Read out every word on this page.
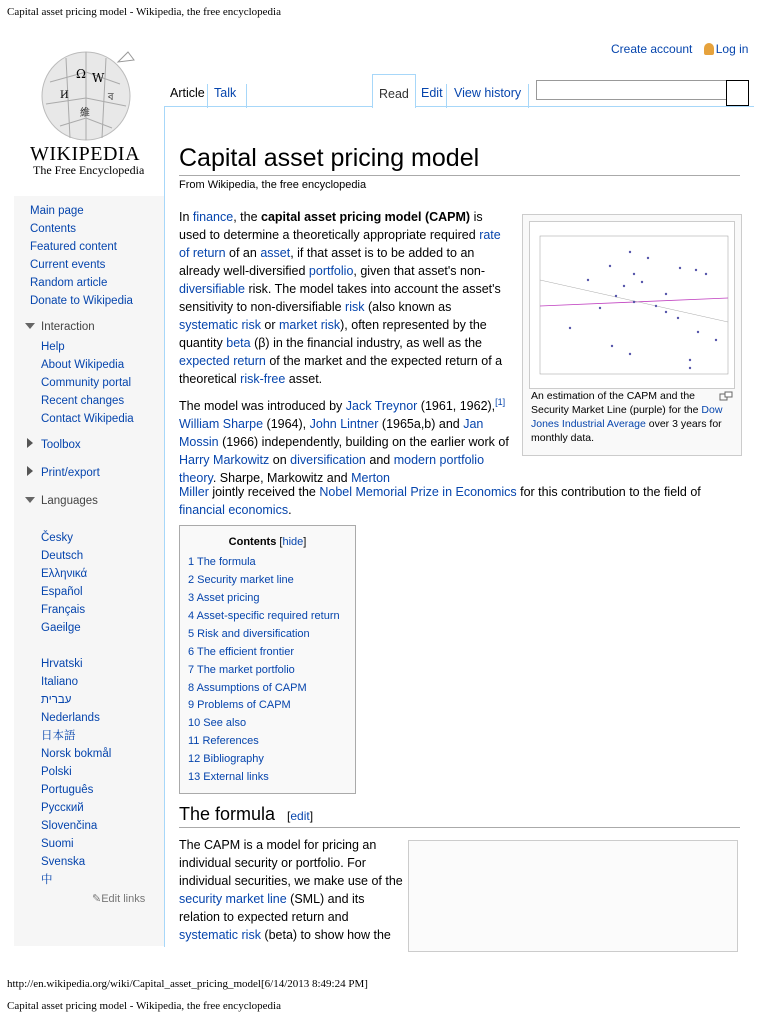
Capital asset pricing model - Wikipedia, the free encyclopedia
Ω W
И	ব
維
WIKIPEDIA
The Free Encyclopedia
Create account Log in
Article Talk	Read Edit View history
Main page
Contents
Featured content
Current events
Random article
Donate to Wikipedia
Interaction
Help
About Wikipedia
Community portal
Recent changes
Contact Wikipedia
Toolbox
Print/export
Languages
Česky
Deutsch
Ελληνικά
Español
Français
Gaeilge
Hrvatski
Italiano
עברית
Nederlands
日本語
Norsk bokmål
Polski
Português
Русский
Slovenčina
Suomi
Svenska
中
✎Edit links
Capital asset pricing model
From Wikipedia, the free encyclopedia
In finance, the capital asset pricing model (CAPM) is used to determine a theoretically appropriate required rate of return of an asset, if that asset is to be added to an already well-diversified portfolio, given that asset's non-diversifiable risk. The model takes into account the asset's sensitivity to non-diversifiable risk (also known as systematic risk or market risk), often represented by the quantity beta (β) in the financial industry, as well as the expected return of the market and the expected return of a theoretical risk-free asset.
The model was introduced by Jack Treynor (1961, 1962),[1] William Sharpe (1964), John Lintner (1965a,b) and Jan Mossin (1966) independently, building on the earlier work of Harry Markowitz on diversification and modern portfolio theory. Sharpe, Markowitz and Merton
Miller jointly received the Nobel Memorial Prize in Economics for this contribution to the field of financial economics.
An estimation of the CAPM and the Security Market Line (purple) for the Dow Jones Industrial Average over 3 years for monthly data.
Contents [hide]
1 The formula
2 Security market line
3 Asset pricing
4 Asset-specific required return
5 Risk and diversification
6 The efficient frontier
7 The market portfolio
8 Assumptions of CAPM
9 Problems of CAPM
10 See also
11 References
12 Bibliography
13 External links
The formula [edit]
The CAPM is a model for pricing an individual security or portfolio. For individual securities, we make use of the security market line (SML) and its relation to expected return and systematic risk (beta) to show how the
http://en.wikipedia.org/wiki/Capital_asset_pricing_model[6/14/2013 8:49:24 PM]
Capital asset pricing model - Wikipedia, the free encyclopedia
